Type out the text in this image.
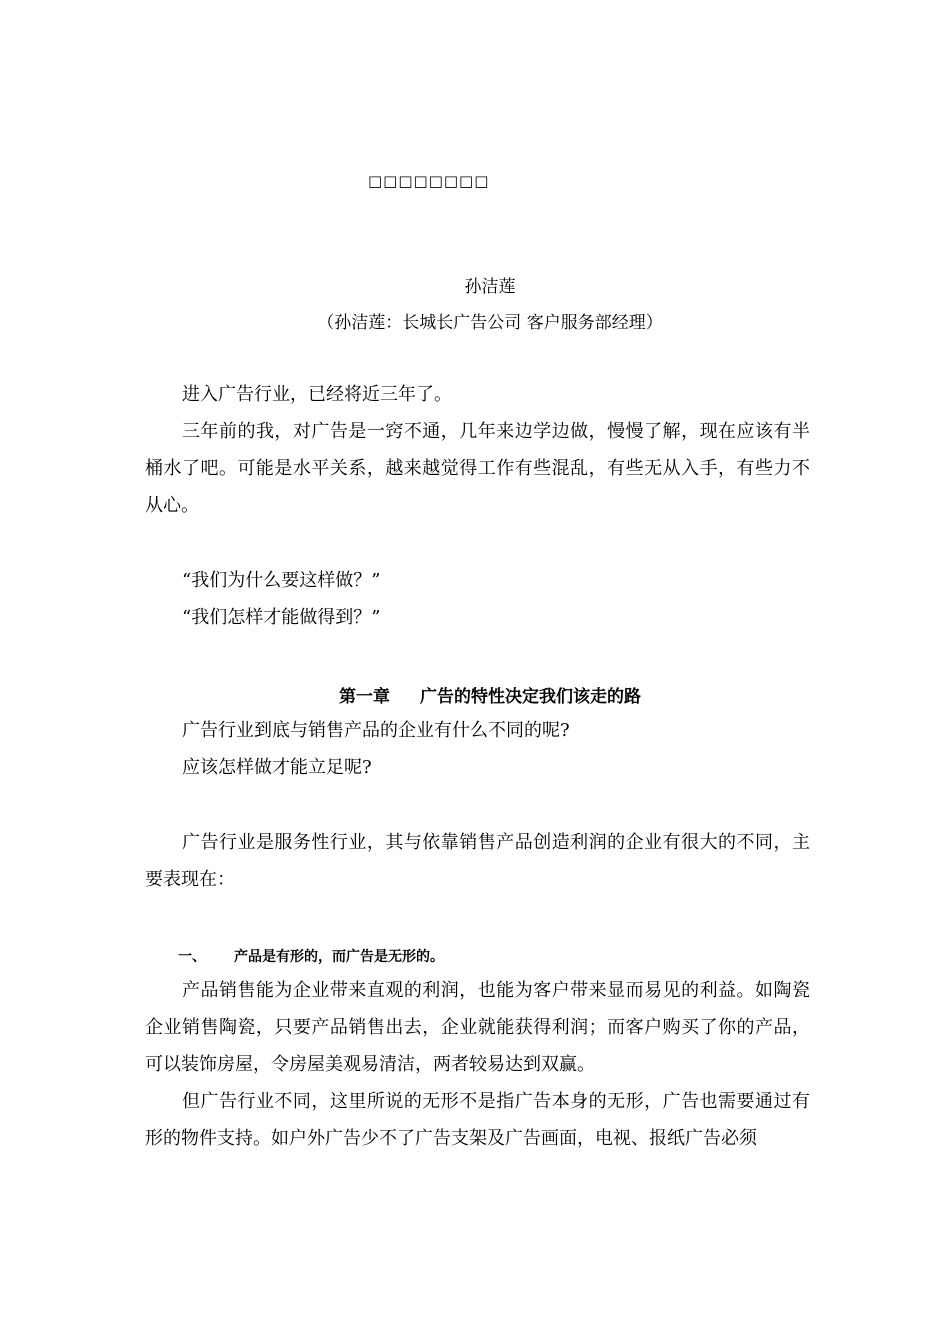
□□□□□□□□
孙洁莲
（孙洁莲：长城长广告公司 客户服务部经理）
进入广告行业，已经将近三年了。
三年前的我，对广告是一窍不通，几年来边学边做，慢慢了解，现在应该有半桶水了吧。可能是水平关系，越来越觉得工作有些混乱，有些无从入手，有些力不从心。
“我们为什么要这样做？”
“我们怎样才能做得到？”
第一章 广告的特性决定我们该走的路
广告行业到底与销售产品的企业有什么不同的呢?
应该怎样做才能立足呢?
广告行业是服务性行业，其与依靠销售产品创造利润的企业有很大的不同，主要表现在：
一、 产品是有形的，而广告是无形的。
产品销售能为企业带来直观的利润，也能为客户带来显而易见的利益。如陶瓷企业销售陶瓷，只要产品销售出去，企业就能获得利润；而客户购买了你的产品，可以装饰房屋，令房屋美观易清洁，两者较易达到双赢。
但广告行业不同，这里所说的无形不是指广告本身的无形，广告也需要通过有形的物件支持。如户外广告少不了广告支架及广告画面，电视、报纸广告必须
